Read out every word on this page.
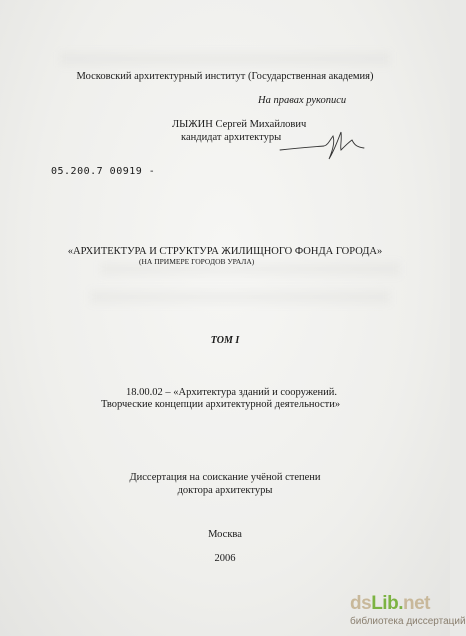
Московский архитектурный институт (Государственная академия)
На правах рукописи
ЛЫЖИН Сергей Михайлович
кандидат архитектуры
05.200.7 00919 -
«АРХИТЕКТУРА И СТРУКТУРА ЖИЛИЩНОГО ФОНДА ГОРОДА»
(НА ПРИМЕРЕ ГОРОДОВ УРАЛА)
ТОМ I
18.00.02 – «Архитектура зданий и сооружений.
Творческие концепции архитектурной деятельности»
Диссертация на соискание учёной степени
доктора архитектуры
Москва
2006
dsLib.net
библиотека диссертаций
